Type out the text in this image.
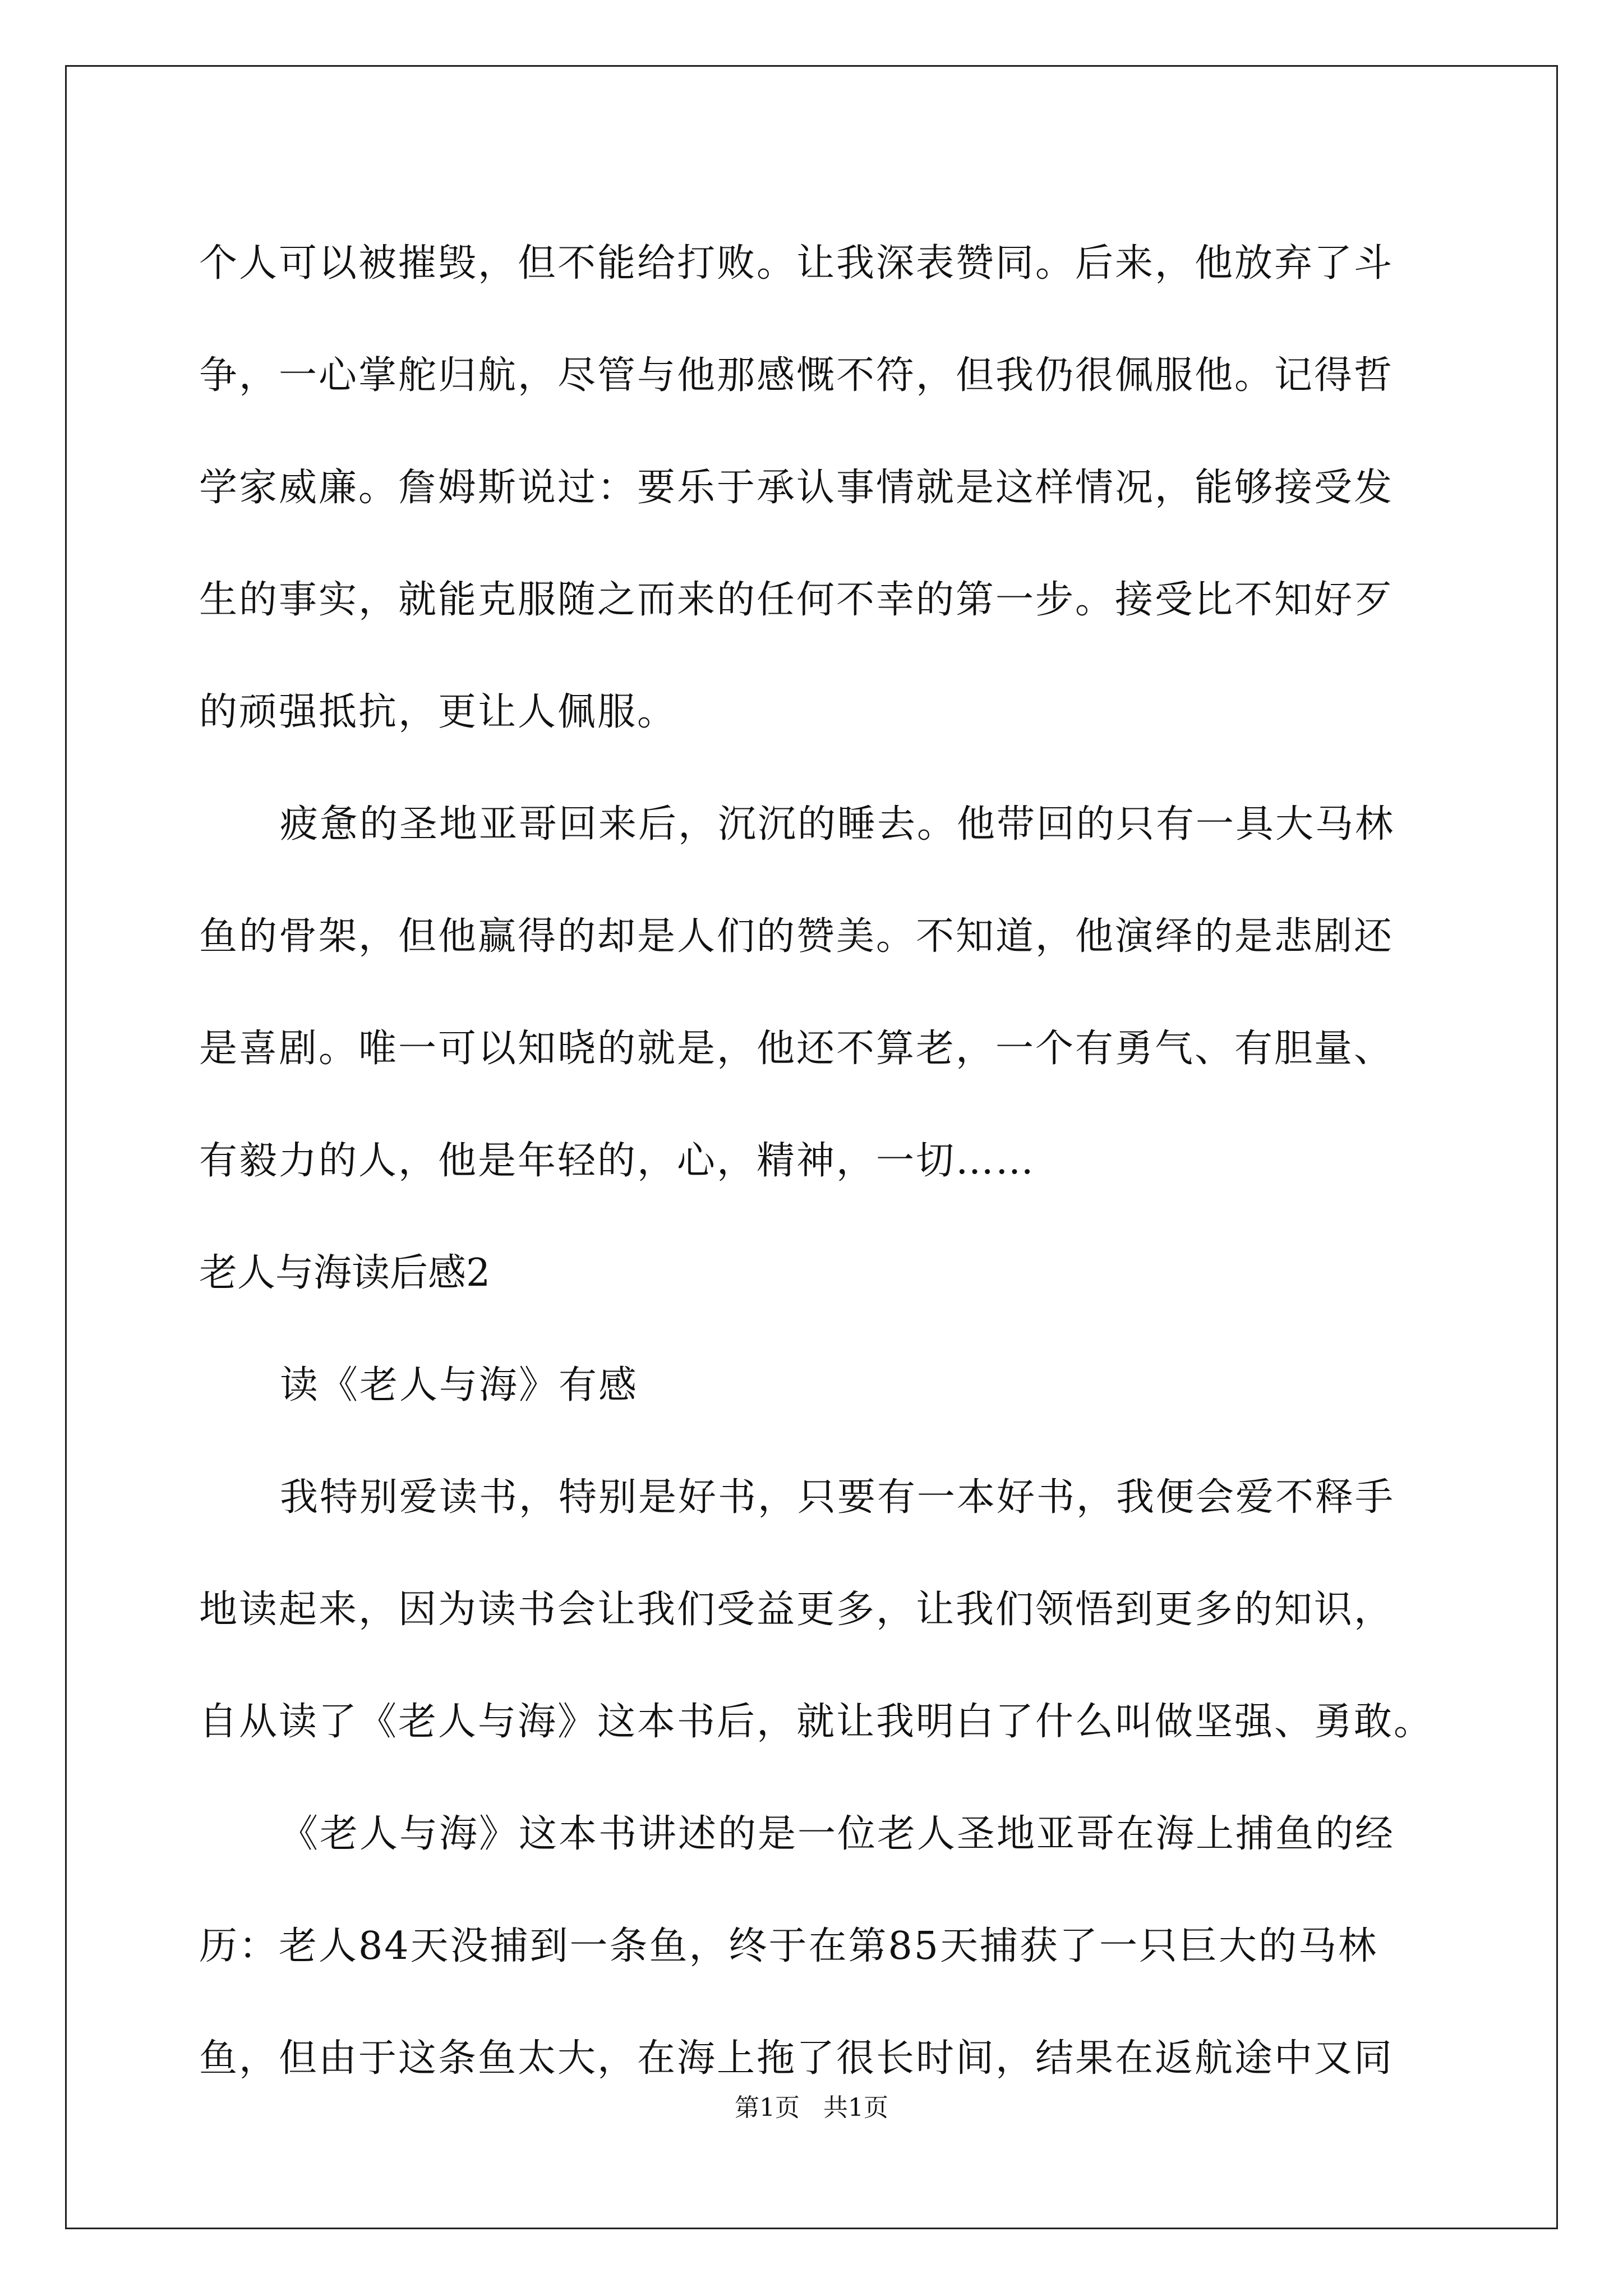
个人可以被摧毁，但不能给打败。让我深表赞同。后来，他放弃了斗
争，一心掌舵归航，尽管与他那感慨不符，但我仍很佩服他。记得哲
学家威廉。詹姆斯说过：要乐于承认事情就是这样情况，能够接受发
生的事实，就能克服随之而来的任何不幸的第一步。接受比不知好歹
的顽强抵抗，更让人佩服。
疲惫的圣地亚哥回来后，沉沉的睡去。他带回的只有一具大马林
鱼的骨架，但他赢得的却是人们的赞美。不知道，他演绎的是悲剧还
是喜剧。唯一可以知晓的就是，他还不算老，一个有勇气、有胆量、
有毅力的人，他是年轻的，心，精神，一切……
老人与海读后感2
读《老人与海》有感
我特别爱读书，特别是好书，只要有一本好书，我便会爱不释手
地读起来，因为读书会让我们受益更多，让我们领悟到更多的知识，
自从读了《老人与海》这本书后，就让我明白了什么叫做坚强、勇敢。
《老人与海》这本书讲述的是一位老人圣地亚哥在海上捕鱼的经
历：老人84天没捕到一条鱼，终于在第85天捕获了一只巨大的马林
鱼，但由于这条鱼太大，在海上拖了很长时间，结果在返航途中又同
第1页   共1页
